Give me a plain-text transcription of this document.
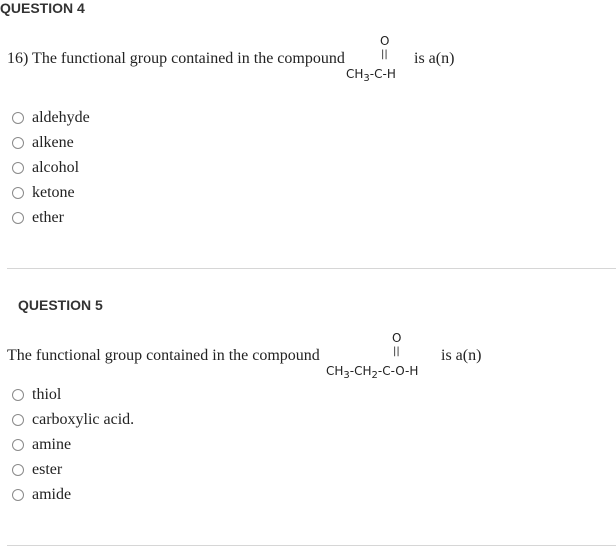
QUESTION 4
16) The functional group contained in the compound
O
||
$CH_3-C-H$
is a(n)
aldehyde
alkene
alcohol
ketone
ether
QUESTION 5
The functional group contained in the compound
O
||
$CH_3-CH_2-C-O-H$
is a(n)
thiol
carboxylic acid.
amine
ester
amide
